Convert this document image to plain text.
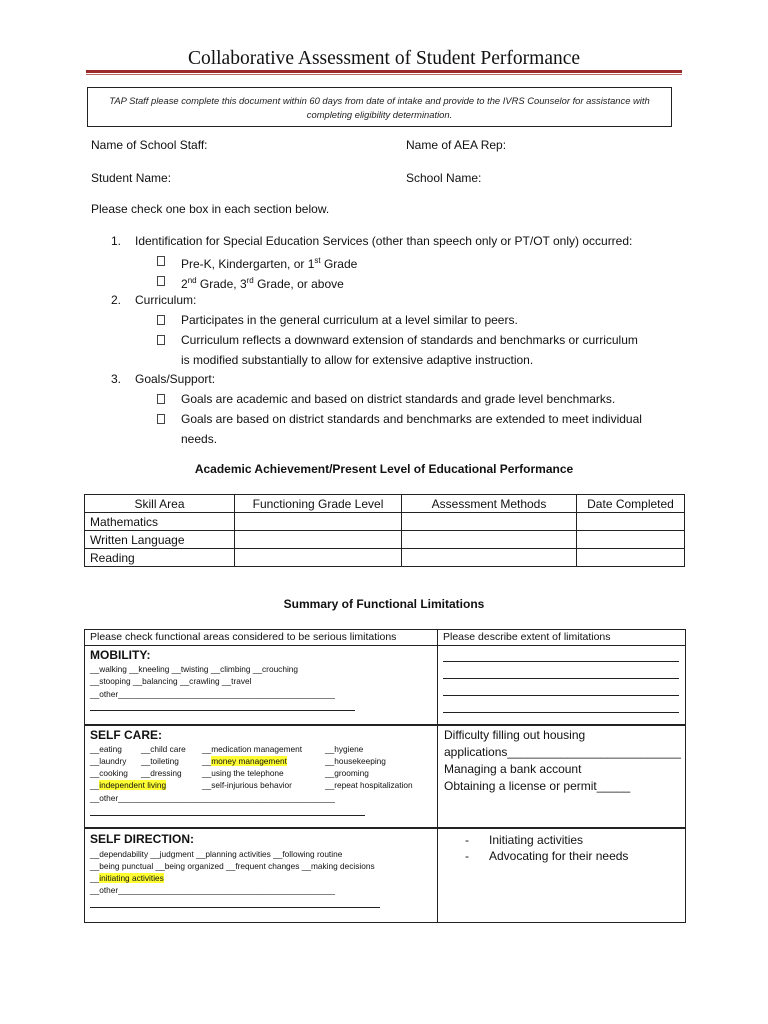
Collaborative Assessment of Student Performance
TAP Staff please complete this document within 60 days from date of intake and provide to the IVRS Counselor for assistance with completing eligibility determination.
Name of School Staff:	Name of AEA Rep:
Student Name:	School Name:
Please check one box in each section below.
1. Identification for Special Education Services (other than speech only or PT/OT only) occurred:
Pre-K, Kindergarten, or 1st Grade
2nd Grade, 3rd Grade, or above
2. Curriculum:
Participates in the general curriculum at a level similar to peers.
Curriculum reflects a downward extension of standards and benchmarks or curriculum
is modified substantially to allow for extensive adaptive instruction.
3. Goals/Support:
Goals are academic and based on district standards and grade level benchmarks.
Goals are based on district standards and benchmarks are extended to meet individual
needs.
Academic Achievement/Present Level of Educational Performance
Skill Area	Functioning Grade Level	Assessment Methods	Date Completed
Mathematics			
Written Language			
Reading			
Summary of Functional Limitations
Please check functional areas considered to be serious limitations	Please describe extent of limitations
MOBILITY:
__walking __kneeling __twisting __climbing __crouching
__stooping __balancing __crawling __travel
__other_______________________________________________
SELF CARE:
__eating __child care __medication management	__hygiene
__laundry __toileting	__money management	__housekeeping
__cooking __dressing __using the telephone	__grooming
__independent living	__self-injurious behavior	__repeat hospitalization
__other_______________________________________________
Difficulty filling out housing
applications__________________________
Managing a bank account
Obtaining a license or permit_____
SELF DIRECTION:
__dependability __judgment __planning activities __following routine
__being punctual __being organized __frequent changes __making decisions
__initiating activities
__other_______________________________________________
- Initiating activities
- Advocating for their needs
